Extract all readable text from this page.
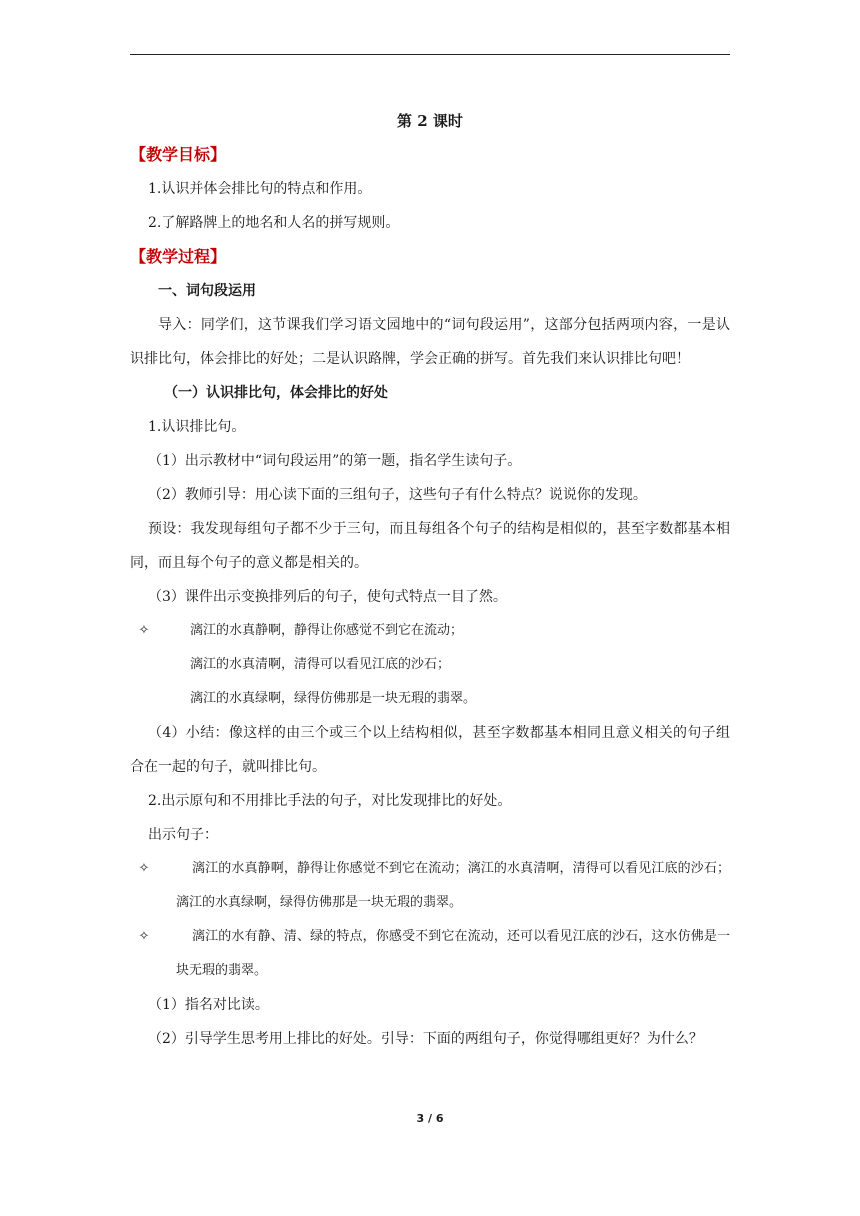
第 2 课时
【教学目标】
1.认识并体会排比句的特点和作用。
2.了解路牌上的地名和人名的拼写规则。
【教学过程】
一、词句段运用
导入：同学们，这节课我们学习语文园地中的“词句段运用”，这部分包括两项内容，一是认识排比句，体会排比的好处；二是认识路牌，学会正确的拼写。首先我们来认识排比句吧！
（一）认识排比句，体会排比的好处
1.认识排比句。
（1）出示教材中“词句段运用”的第一题，指名学生读句子。
（2）教师引导：用心读下面的三组句子，这些句子有什么特点？说说你的发现。
预设：我发现每组句子都不少于三句，而且每组各个句子的结构是相似的，甚至字数都基本相同，而且每个句子的意义都是相关的。
（3）课件出示变换排列后的句子，使句式特点一目了然。
✧	漓江的水真静啊，静得让你感觉不到它在流动；
漓江的水真清啊，清得可以看见江底的沙石；
漓江的水真绿啊，绿得仿佛那是一块无瑕的翡翠。
（4）小结：像这样的由三个或三个以上结构相似，甚至字数都基本相同且意义相关的句子组合在一起的句子，就叫排比句。
2.出示原句和不用排比手法的句子，对比发现排比的好处。
出示句子：
✧	漓江的水真静啊，静得让你感觉不到它在流动；漓江的水真清啊，清得可以看见江底的沙石；漓江的水真绿啊，绿得仿佛那是一块无瑕的翡翠。
✧	漓江的水有静、清、绿的特点，你感受不到它在流动，还可以看见江底的沙石，这水仿佛是一块无瑕的翡翠。
（1）指名对比读。
（2）引导学生思考用上排比的好处。引导：下面的两组句子，你觉得哪组更好？为什么？
3 / 6
